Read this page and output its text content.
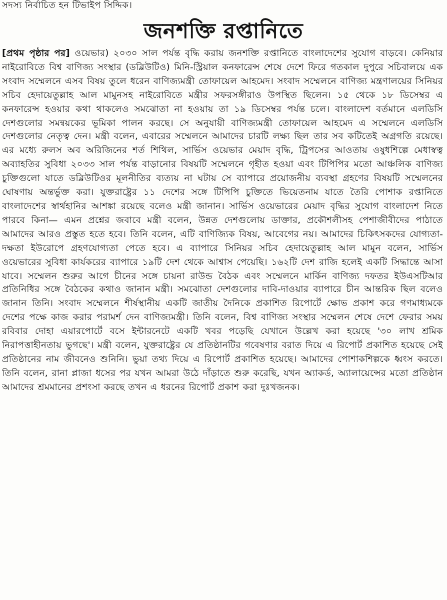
সদস্য নির্বাচিত হন টিভাইপ সিদ্দিক।
জনশক্তি রপ্তানিতে

[প্রথম পৃষ্ঠার পর] ওয়েভার) ২০৩০ সাল পর্যন্ত বৃদ্ধি করায় জনশক্তি রপ্তানিতে বাংলাদেশের সুযোগ বাড়বে। কেনিয়ার নাইরোবিতে বিশ্ব বাণিজ্য সংস্থার (ডব্লিউটিও) মিনি-স্ট্রিয়াল কনফারেন্স শেষে দেশে ফিরে গতকাল দুপুরে সচিবালয়ে এক সংবাদ সম্মেলনে এসব বিষয় তুলে ধরেন বাণিজ্যমন্ত্রী তোফায়েল আহমেদ। সংবাদ সম্মেলনে বাণিজ্য মন্ত্রণালয়ের সিনিয়র সচিব হেদায়েতুল্লাহ আল মামুনসহ নাইরোবিতে মন্ত্রীর সফরসঙ্গীরাও উপস্থিত ছিলেন। ১৫ থেকে ১৮ ডিসেম্বর এ কনফারেন্স হওয়ার কথা থাকলেও সমঝোতা না হওয়ায় তা ১৯ ডিসেম্বর পর্যন্ত চলে। বাংলাদেশ বর্তমানে এলডিসি দেশগুলোর সমন্বয়কের ভূমিকা পালন করছে। সে অনুযায়ী বাণিজ্যমন্ত্রী তোফায়েল আহমেদ এ সম্মেলনে এলডিসি দেশগুলোর নেতৃত্ব দেন। মন্ত্রী বলেন, এবারের সম্মেলনে আমাদের চারটি লক্ষ্য ছিল তার সব কটিতেই অগ্রগতি রয়েছে। এর মধ্যে রুলস অব অরিজিনের শর্ত শিথিল, সার্ভিস ওয়েভার মেয়াদ বৃদ্ধি, ট্রিপসের আওতায় ওষুধশিল্পে মেধাস্বত্ব অব্যাহতির সুবিধা ২০৩৩ সাল পর্যন্ত বাড়ানোর বিষয়টি সম্মেলনে গৃহীত হওয়া এবং টিপিপির মতো আঞ্চলিক বাণিজ্য চুক্তিগুলো যাতে ডব্লিউটিওর মূলনীতির ব্যত্যয় না ঘটায় সে ব্যাপারে প্রয়োজনীয় ব্যবস্থা গ্রহণের বিষয়টি সম্মেলনের ঘোষণায় অন্তর্ভুক্ত করা। যুক্তরাষ্ট্রের ১১ দেশের সঙ্গে টিপিপি চুক্তিতে ভিয়েতনাম যাতে তৈরি পোশাক রপ্তানিতে বাংলাদেশের স্বার্থহানির আশঙ্কা রয়েছে বলেও মন্ত্রী জানান। সার্ভিস ওয়েভারের মেয়াদ বৃদ্ধির সুযোগ বাংলাদেশ নিতে পারবে কিনা— এমন প্রশ্নের জবাবে মন্ত্রী বলেন, উন্নত দেশগুলোয় ডাক্তার, প্রকৌশলীসহ পেশাজীবীদের পাঠাতে আমাদের আরও প্রস্তুত হতে হবে। তিনি বলেন, এটি বাণিজ্যিক বিষয়, আবেগের নয়। আমাদের চিকিৎসকদের যোগ্যতা-দক্ষতা ইউরোপে গ্রহণযোগ্যতা পেতে হবে। এ ব্যাপারে সিনিয়র সচিব হেদায়েতুল্লাহ আল মামুন বলেন, সার্ভিস ওয়েভারের সুবিধা কার্যকরের ব্যাপারে ১৯টি দেশ থেকে আশ্বাস পেয়েছি। ১৬২টি দেশ রাজি হলেই একটি সিদ্ধান্তে আসা যাবে। সম্মেলন শুরুর আগে চীনের সঙ্গে চায়না রাউন্ড বৈঠক এবং সম্মেলনে মার্কিন বাণিজ্য দফতর ইউএসটিআর প্রতিনিধির সঙ্গে বৈঠকের কথাও জানান মন্ত্রী। সমঝোতা দেশগুলোর দাবি-দাওয়ার ব্যাপারে চীন আন্তরিক ছিল বলেও জানান তিনি। সংবাদ সম্মেলনে শীর্ষস্থানীয় একটি জাতীয় দৈনিকে প্রকাশিত রিপোর্টে ক্ষোভ প্রকাশ করে গণমাধ্যমকে দেশের পক্ষে কাজ করার পরামর্শ দেন বাণিজ্যমন্ত্রী। তিনি বলেন, বিশ্ব বাণিজ্য সংস্থার সম্মেলন শেষে দেশে ফেরার সময় রবিবার দোহা এয়ারপোর্টে বসে ইন্টারনেটে একটি খবর পড়েছি যেখানে উল্লেখ করা হয়েছে '৩০ লাখ শ্রমিক নিরাপত্তাহীনতায় ভুগছে'। মন্ত্রী বলেন, যুক্তরাষ্ট্রের যে প্রতিষ্ঠানটির গবেষণার বরাত দিয়ে এ রিপোর্ট প্রকাশিত হয়েছে সেই প্রতিষ্ঠানের নাম জীবনেও শুনিনি। ভুয়া তথ্য দিয়ে এ রিপোর্ট প্রকাশিত হয়েছে। আমাদের পোশাকশিল্পকে ধ্বংস করতে। তিনি বলেন, রানা প্লাজা ধসের পর যখন আমরা উঠে দাঁড়াতে শুরু করেছি, যখন অ্যাকর্ড, অ্যালায়েন্সের মতো প্রতিষ্ঠান আমাদের শ্রমমানের প্রশংসা করছে তখন এ ধরনের রিপোর্ট প্রকাশ করা দুঃখজনক।
